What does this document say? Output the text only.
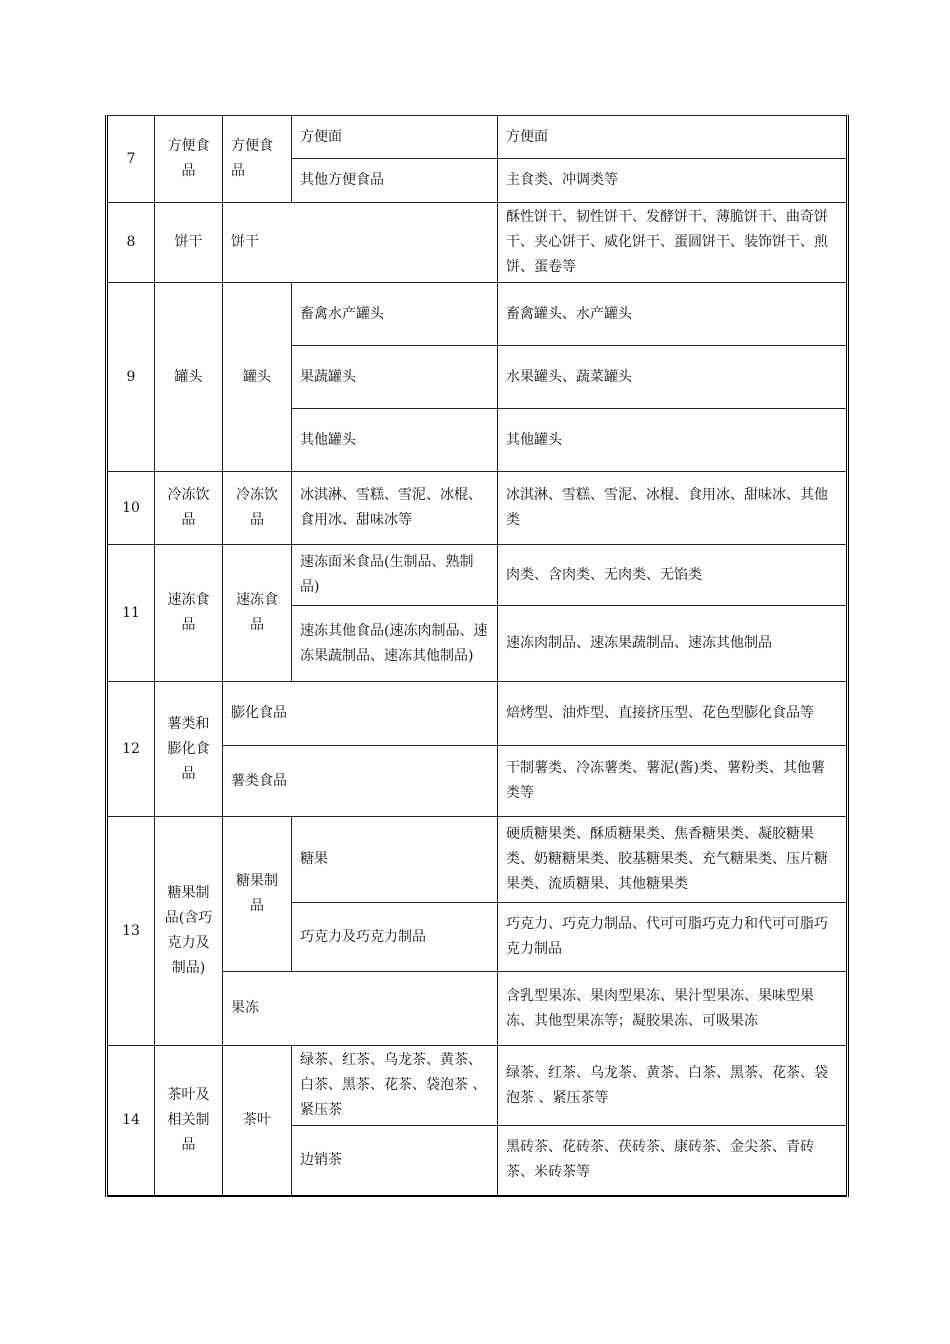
7	方便食品	方便食品	方便面	方便面
			其他方便食品	主食类、冲调类等
8	饼干	饼干		酥性饼干、韧性饼干、发酵饼干、薄脆饼干、曲奇饼干、夹心饼干、威化饼干、蛋圆饼干、装饰饼干、煎饼、蛋卷等
9	罐头	罐头	畜禽水产罐头	畜禽罐头、水产罐头
			果蔬罐头	水果罐头、蔬菜罐头
			其他罐头	其他罐头
10	冷冻饮品	冷冻饮品	冰淇淋、雪糕、雪泥、冰棍、食用冰、甜味冰等	冰淇淋、雪糕、雪泥、冰棍、食用冰、甜味冰、其他类
11	速冻食品	速冻食品	速冻面米食品(生制品、熟制品)	肉类、含肉类、无肉类、无馅类
			速冻其他食品(速冻肉制品、速冻果蔬制品、速冻其他制品)	速冻肉制品、速冻果蔬制品、速冻其他制品
12	薯类和膨化食品	膨化食品		焙烤型、油炸型、直接挤压型、花色型膨化食品等
		薯类食品		干制薯类、冷冻薯类、薯泥(酱)类、薯粉类、其他薯类等
13	糖果制品(含巧克力及制品)	糖果制品	糖果	硬质糖果类、酥质糖果类、焦香糖果类、凝胶糖果类、奶糖糖果类、胶基糖果类、充气糖果类、压片糖果类、流质糖果、其他糖果类
			巧克力及巧克力制品	巧克力、巧克力制品、代可可脂巧克力和代可可脂巧克力制品
		果冻		含乳型果冻、果肉型果冻、果汁型果冻、果味型果冻、其他型果冻等；凝胶果冻、可吸果冻
14	茶叶及相关制品	茶叶	绿茶、红茶、乌龙茶、黄茶、白茶、黑茶、花茶、袋泡茶 、紧压茶	绿茶、红茶、乌龙茶、黄茶、白茶、黑茶、花茶、袋泡茶 、紧压茶等
			边销茶	黑砖茶、花砖茶、茯砖茶、康砖茶、金尖茶、青砖茶、米砖茶等
